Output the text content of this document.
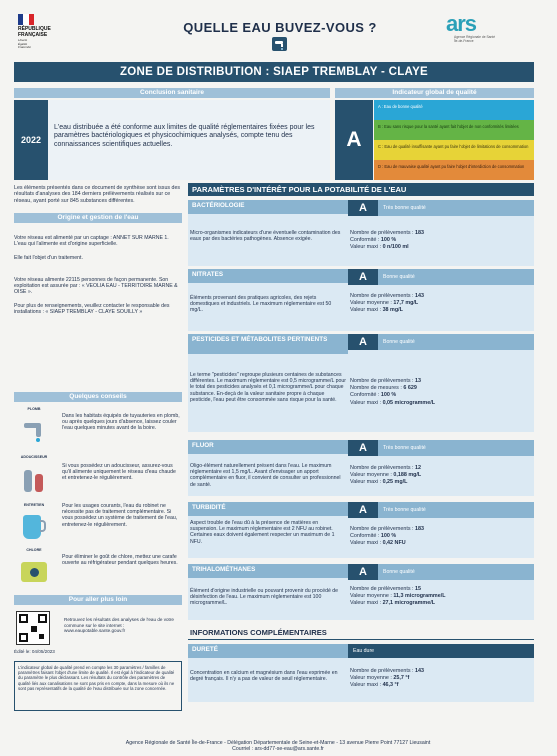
RÉPUBLIQUE
FRANÇAISE
Liberté
Égalité
Fraternité
QUELLE EAU BUVEZ-VOUS ?	ars
Agence Régionale de Santé
Île-de-France
ZONE DE DISTRIBUTION : SIAEP TREMBLAY - CLAYE
Conclusion sanitaire
2022
L'eau distribuée a été conforme aux limites de qualité réglementaires fixées pour les paramètres bactériologiques et physicochimiques analysés, compte tenu des connaissances scientifiques actuelles.
Indicateur global de qualité
A
A : Eau de bonne qualité
B : Eau sans risque pour la santé ayant fait l'objet de non conformités limitées
C : Eau de qualité insuffisante ayant pu faire l'objet de limitations de consommation
D : Eau de mauvaise qualité ayant pu faire l'objet d'interdiction de consommation
Les éléments présentés dans ce document de synthèse sont issus des résultats d'analyses des 184 derniers prélèvements réalisés sur ce réseau, ayant porté sur 845 substances différentes.
Origine et gestion de l'eau
Votre réseau est alimenté par un captage : ANNET SUR MARNE 1. L'eau qui l'alimente est d'origine superficielle.
Elle fait l'objet d'un traitement.
Votre réseau alimente 22115 personnes de façon permanente. Son exploitation est assurée par : « VEOLIA EAU - TERRITOIRE MARNE & OISE ».
Pour plus de renseignements, veuillez contacter le responsable des installations : « SIAEP TREMBLAY - CLAYE SOUILLY »
Quelques conseils
PLOMB
Dans les habitats équipés de tuyauteries en plomb, ou après quelques jours d'absence, laissez couler l'eau quelques minutes avant de la boire.
ADOUCISSEUR
Si vous possédez un adoucisseur, assurez-vous qu'il alimente uniquement le réseau d'eau chaude et entretenez-le régulièrement.
ENTRETIEN	Pour les usages courants, l'eau du robinet ne nécessite pas de traitement complémentaire. Si vous possédez un système de traitement de l'eau, entretenez-le régulièrement.
CHLORE
Pour éliminer le goût de chlore, mettez une carafe ouverte au réfrigérateur pendant quelques heures.
Pour aller plus loin
Retrouvez les résultats des analyses de l'eau de votre commune sur le site internet : www.eaupotable.sante.gouv.fr
Édité le: 04/05/2023
L'indicateur global de qualité prend en compte les 30 paramètres / familles de paramètres faisant l'objet d'une limite de qualité. Il est égal à l'indicateur de qualité du paramètre le plus déclassant. Les résultats du contrôle des paramètres de qualité liés aux canalisations ne sont pas pris en compte, dans la mesure où ils ne sont pas représentatifs de la qualité de l'eau distribuée sur la zone concernée.
PARAMÈTRES D'INTÉRÊT POUR LA POTABILITÉ DE L'EAU
BACTÉRIOLOGIE	A	Très bonne qualité
Micro-organismes indicateurs d'une éventuelle contamination des eaux par des bactéries pathogènes. Absence exigée.
Nombre de prélèvements : 183
Conformité : 100 %
Valeur maxi : 0 n/100 ml
NITRATES	A	Bonne qualité
Éléments provenant des pratiques agricoles, des rejets domestiques et industriels. Le maximum réglementaire est 50 mg/L.
Nombre de prélèvements : 143
Valeur moyenne : 17,7 mg/L
Valeur maxi : 38 mg/L
PESTICIDES ET MÉTABOLITES PERTINENTS	A	Bonne qualité
Le terme "pesticides" regroupe plusieurs centaines de substances différentes. Le maximum réglementaire est 0,5 microgramme/L pour le total des pesticides analysés et 0,1 microgramme/L pour chaque substance. En-deçà de la valeur sanitaire propre à chaque pesticide, l'eau peut être consommée sans risque pour la santé.
Nombre de prélèvements : 13
Nombre de mesures : 6 629
Conformité : 100 %
Valeur maxi : 0,05 microgramme/L
FLUOR	A	Très bonne qualité
Oligo-élément naturellement présent dans l'eau. Le maximum réglementaire est 1,5 mg/L. Avant d'envisager un apport complémentaire en fluor, il convient de consulter un professionnel de santé.
Nombre de prélèvements : 12
Valeur moyenne : 0,188 mg/L
Valeur maxi : 0,25 mg/L
TURBIDITÉ	A	Très bonne qualité
Aspect trouble de l'eau dû à la présence de matières en suspension. Le maximum réglementaire est 2 NFU au robinet. Certaines eaux doivent également respecter un maximum de 1 NFU.
Nombre de prélèvements : 183
Conformité : 100 %
Valeur maxi : 0,42 NFU
TRIHALOMÉTHANES	A	Bonne qualité
Élément d'origine industrielle ou pouvant provenir du procédé de désinfection de l'eau. Le maximum réglementaire est 100 microgramme/L.
Nombre de prélèvements : 15
Valeur moyenne : 11,3 microgramme/L
Valeur maxi : 27,1 microgramme/L
INFORMATIONS COMPLÉMENTAIRES
DURETÉ	Eau dure
Concentration en calcium et magnésium dans l'eau exprimée en degré français. Il n'y a pas de valeur de seuil réglementaire.
Nombre de prélèvements : 143
Valeur moyenne : 25,7 °f
Valeur maxi : 46,3 °f
Agence Régionale de Santé Île-de-France - Délégation Départementale de Seine-et-Marne - 13 avenue Pierre Point 77127 Lieusaint
Courriel : ars-dd77-se-eau@ars.sante.fr
